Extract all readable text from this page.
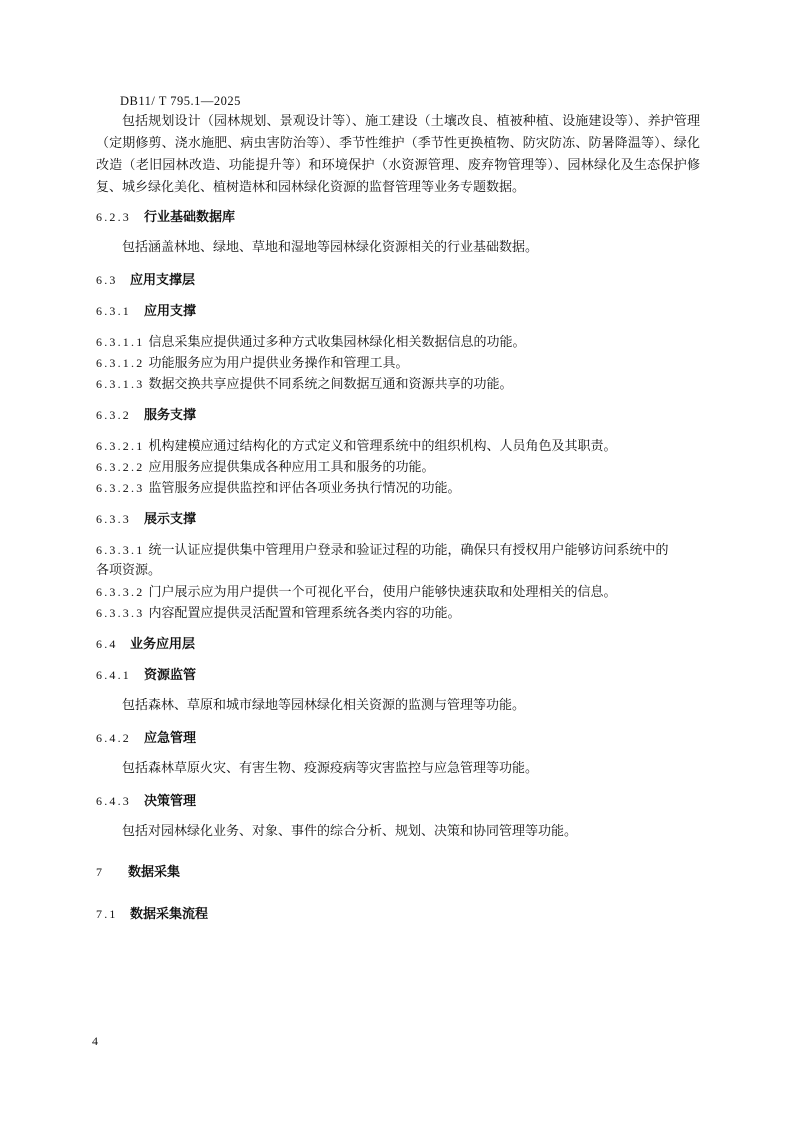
DB11/ T 795.1—2025

包括规划设计（园林规划、景观设计等）、施工建设（土壤改良、植被种植、设施建设等）、养护管理（定期修剪、浇水施肥、病虫害防治等）、季节性维护（季节性更换植物、防灾防冻、防暑降温等）、绿化改造（老旧园林改造、功能提升等）和环境保护（水资源管理、废弃物管理等）、园林绿化及生态保护修复、城乡绿化美化、植树造林和园林绿化资源的监督管理等业务专题数据。

6.2.3 行业基础数据库
包括涵盖林地、绿地、草地和湿地等园林绿化资源相关的行业基础数据。
6.3 应用支撑层
6.3.1 应用支撑
6.3.1.1 信息采集应提供通过多种方式收集园林绿化相关数据信息的功能。
6.3.1.2 功能服务应为用户提供业务操作和管理工具。
6.3.1.3 数据交换共享应提供不同系统之间数据互通和资源共享的功能。
6.3.2 服务支撑
6.3.2.1 机构建模应通过结构化的方式定义和管理系统中的组织机构、人员角色及其职责。
6.3.2.2 应用服务应提供集成各种应用工具和服务的功能。
6.3.2.3 监管服务应提供监控和评估各项业务执行情况的功能。
6.3.3 展示支撑
6.3.3.1 统一认证应提供集中管理用户登录和验证过程的功能，确保只有授权用户能够访问系统中的
各项资源。
6.3.3.2 门户展示应为用户提供一个可视化平台，使用户能够快速获取和处理相关的信息。
6.3.3.3 内容配置应提供灵活配置和管理系统各类内容的功能。
6.4 业务应用层
6.4.1 资源监管
包括森林、草原和城市绿地等园林绿化相关资源的监测与管理等功能。
6.4.2 应急管理
包括森林草原火灾、有害生物、疫源疫病等灾害监控与应急管理等功能。
6.4.3 决策管理
包括对园林绿化业务、对象、事件的综合分析、规划、决策和协同管理等功能。
7 数据采集
7.1 数据采集流程
4
